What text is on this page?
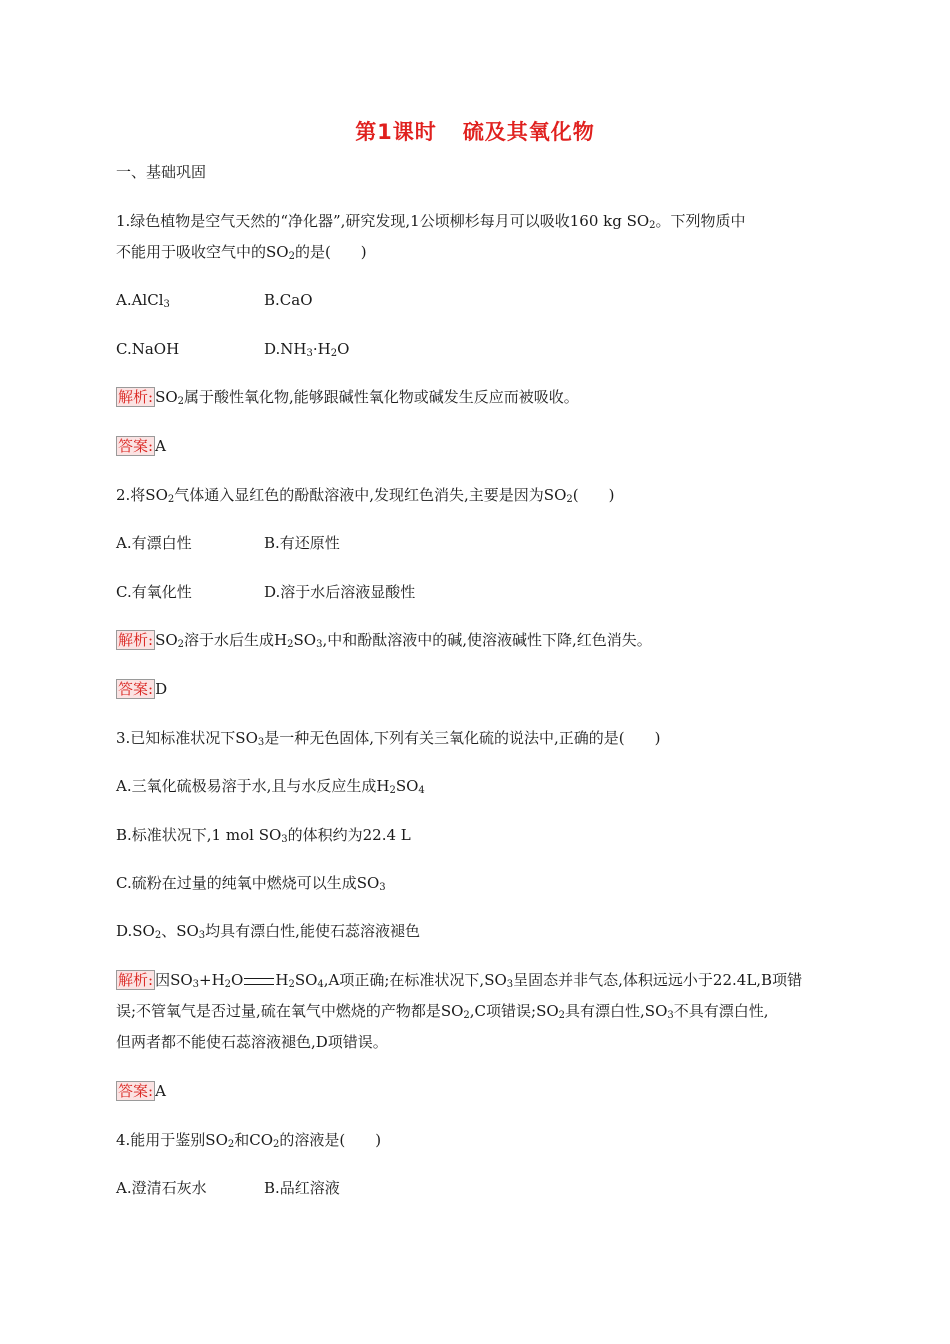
第1课时 硫及其氧化物
一、基础巩固
1.绿色植物是空气天然的“净化器”,研究发现,1公顷柳杉每月可以吸收160 kg $SO_2$。下列物质中
不能用于吸收空气中的$SO_2$的是(　　)
A.AlCl$_3$	B.CaO
C.NaOH	$D.NH_3\cdot H_2O$
解析: $SO_2$属于酸性氧化物,能够跟碱性氧化物或碱发生反应而被吸收。
答案: A
2.将$SO_2$气体通入显红色的酚酞溶液中,发现红色消失,主要是因为$SO_2$(　　)
A.有漂白性	B.有还原性
C.有氧化性	D.溶于水后溶液显酸性
解析: $SO_2$溶于水后生成$H_2SO_3$,中和酚酞溶液中的碱,使溶液碱性下降,红色消失。
答案: D
3.已知标准状况下$SO_3$是一种无色固体,下列有关三氧化硫的说法中,正确的是(　　)
A.三氧化硫极易溶于水,且与水反应生成$H_2SO_4$
B.标准状况下,1 mol $SO_3$的体积约为22.4 L
C.硫粉在过量的纯氧中燃烧可以生成$SO_3$
$D.SO_2$、$SO_3$均具有漂白性,能使石蕊溶液褪色
解析: 因$SO_3+H_2O$ $H_2SO_4,A$项正确;在标准状况下$,SO_3$呈固态并非气态,体积远远小于22.4L,B项错
误;不管氧气是否过量,硫在氧气中燃烧的产物都是$SO_2,C$项错误$;SO_2$具有漂白性$,SO_3$不具有漂白性,
但两者都不能使石蕊溶液褪色,D项错误。
答案: A
4.能用于鉴别$SO_2$和$CO_2$的溶液是(　　)
A.澄清石灰水	B.品红溶液
